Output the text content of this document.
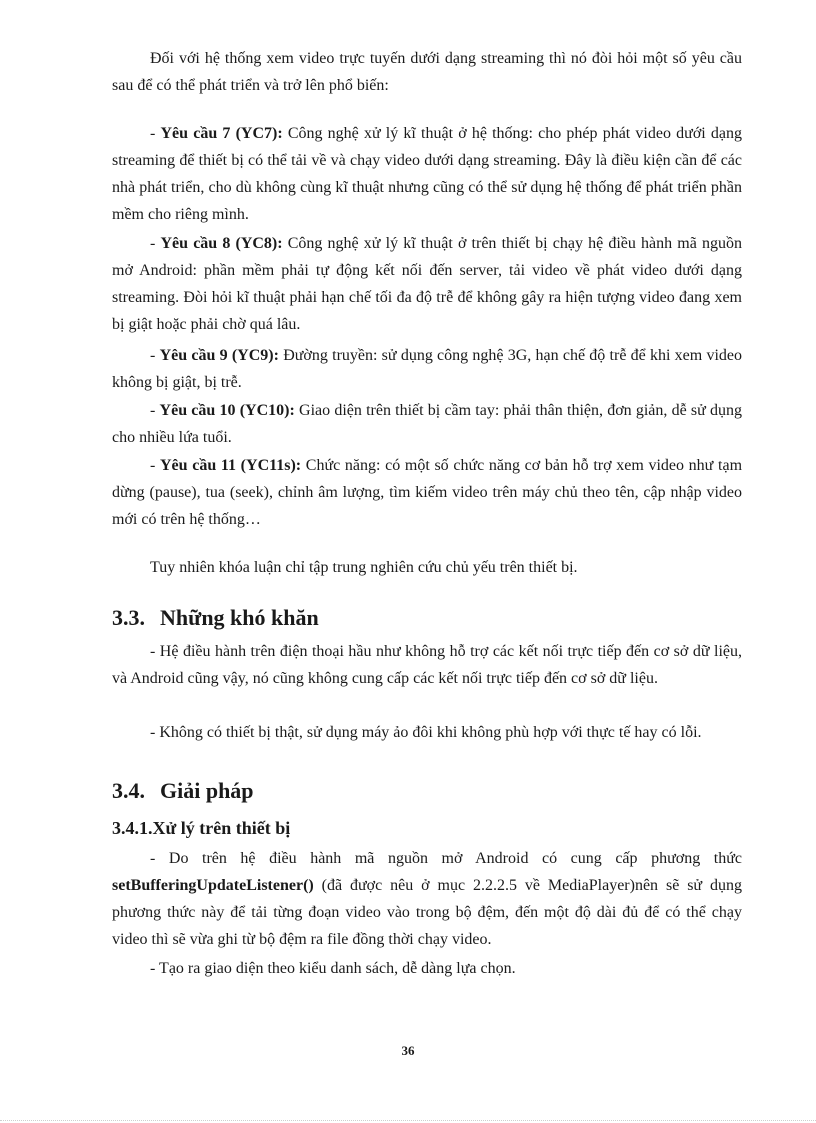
Đối với hệ thống xem video trực tuyến dưới dạng streaming thì nó đòi hỏi một số yêu cầu sau để có thể phát triển và trở lên phổ biến:

- Yêu cầu 7 (YC7): Công nghệ xử lý kĩ thuật ở hệ thống: cho phép phát video dưới dạng streaming để thiết bị có thể tải về và chạy video dưới dạng streaming. Đây là điều kiện cần để các nhà phát triển, cho dù không cùng kĩ thuật nhưng cũng có thể sử dụng hệ thống để phát triển phần mềm cho riêng mình.

- Yêu cầu 8 (YC8): Công nghệ xử lý kĩ thuật ở trên thiết bị chạy hệ điều hành mã nguồn mở Android: phần mềm phải tự động kết nối đến server, tải video về phát video dưới dạng streaming. Đòi hỏi kĩ thuật phải hạn chế tối đa độ trễ để không gây ra hiện tượng video đang xem bị giật hoặc phải chờ quá lâu.

- Yêu cầu 9 (YC9): Đường truyền: sử dụng công nghệ 3G, hạn chế độ trễ để khi xem video không bị giật, bị trễ.

- Yêu cầu 10 (YC10): Giao diện trên thiết bị cầm tay: phải thân thiện, đơn giản, dễ sử dụng cho nhiều lứa tuổi.

- Yêu cầu 11 (YC11s): Chức năng: có một số chức năng cơ bản hỗ trợ xem video như tạm dừng (pause), tua (seek), chỉnh âm lượng, tìm kiếm video trên máy chủ theo tên, cập nhập video mới có trên hệ thống…

Tuy nhiên khóa luận chỉ tập trung nghiên cứu chủ yếu trên thiết bị.

3.3. Những khó khăn

- Hệ điều hành trên điện thoại hầu như không hỗ trợ các kết nối trực tiếp đến cơ sở dữ liệu, và Android cũng vậy, nó cũng không cung cấp các kết nối trực tiếp đến cơ sở dữ liệu.

- Không có thiết bị thật, sử dụng máy ảo đôi khi không phù hợp với thực tế hay có lỗi.

3.4. Giải pháp
3.4.1.Xử lý trên thiết bị

- Do trên hệ điều hành mã nguồn mở Android có cung cấp phương thức setBufferingUpdateListener() (đã được nêu ở mục 2.2.2.5 về MediaPlayer)nên sẽ sử dụng phương thức này để tải từng đoạn video vào trong bộ đệm, đến một độ dài đủ để có thể chạy video thì sẽ vừa ghi từ bộ đệm ra file đồng thời chạy video.

- Tạo ra giao diện theo kiểu danh sách, dễ dàng lựa chọn.

36
